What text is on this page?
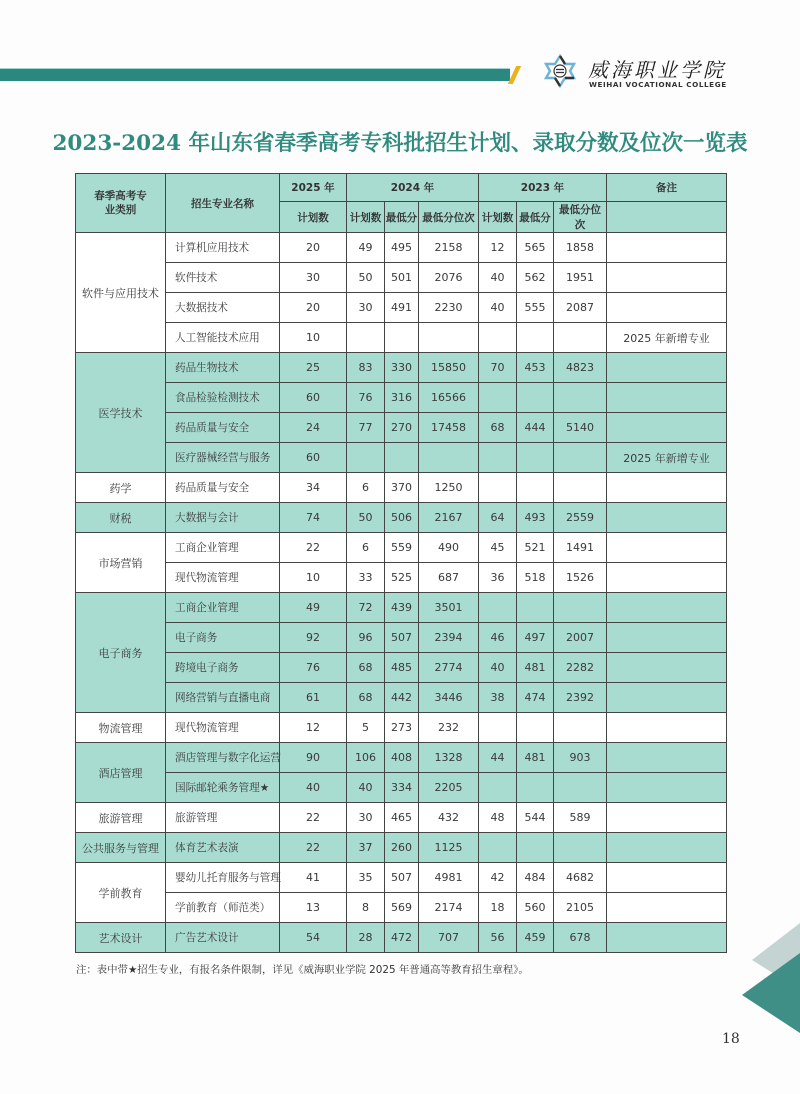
威海职业学院
WEIHAI VOCATIONAL COLLEGE
2023-2024 年山东省春季高考专科批招生计划、录取分数及位次一览表
春季高考专业类别	招生专业名称	2025 年	2024 年			2023 年			备注
		计划数	计划数	最低分	最低分位次	计划数	最低分	最低分位次	
软件与应用技术	计算机应用技术	20	49	495	2158	12	565	1858	
	软件技术	30	50	501	2076	40	562	1951	
	大数据技术	20	30	491	2230	40	555	2087	
	人工智能技术应用	10							2025 年新增专业
医学技术	药品生物技术	25	83	330	15850	70	453	4823	
	食品检验检测技术	60	76	316	16566				
	药品质量与安全	24	77	270	17458	68	444	5140	
	医疗器械经营与服务	60							2025 年新增专业
药学	药品质量与安全	34	6	370	1250				
财税	大数据与会计	74	50	506	2167	64	493	2559	
市场营销	工商企业管理	22	6	559	490	45	521	1491	
	现代物流管理	10	33	525	687	36	518	1526	
电子商务	工商企业管理	49	72	439	3501				
	电子商务	92	96	507	2394	46	497	2007	
	跨境电子商务	76	68	485	2774	40	481	2282	
	网络营销与直播电商	61	68	442	3446	38	474	2392	
物流管理	现代物流管理	12	5	273	232				
酒店管理	酒店管理与数字化运营	90	106	408	1328	44	481	903	
	国际邮轮乘务管理★	40	40	334	2205				
旅游管理	旅游管理	22	30	465	432	48	544	589	
公共服务与管理	体育艺术表演	22	37	260	1125				
学前教育	婴幼儿托育服务与管理	41	35	507	4981	42	484	4682	
	学前教育（师范类）	13	8	569	2174	18	560	2105	
艺术设计	广告艺术设计	54	28	472	707	56	459	678	
注：表中带★招生专业，有报名条件限制，详见《威海职业学院 2025 年普通高等教育招生章程》。
18
